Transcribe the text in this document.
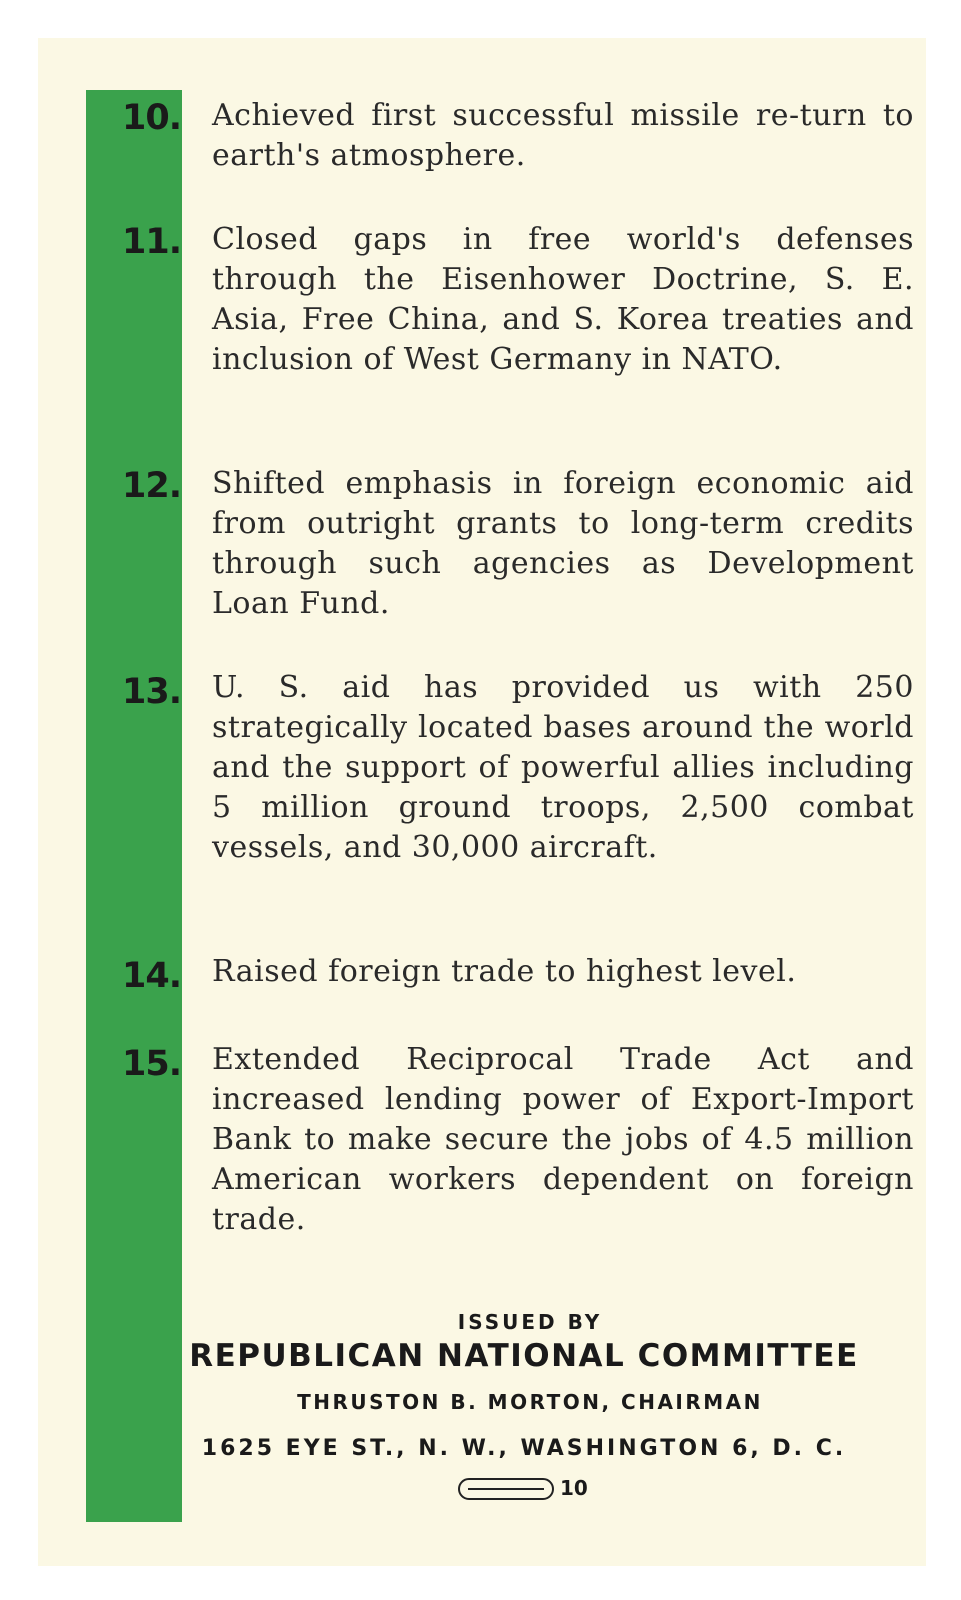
10.	Achieved first successful missile re-turn to earth's atmosphere.
11.	Closed gaps in free world's defenses through the Eisenhower Doctrine, S. E. Asia, Free China, and S. Korea treaties and inclusion of West Germany in NATO.
12.	Shifted emphasis in foreign economic aid from outright grants to long-term credits through such agencies as Development Loan Fund.
13.	U. S. aid has provided us with 250 strategically located bases around the world and the support of powerful allies including 5 million ground troops, 2,500 combat vessels, and 30,000 aircraft.
14.	Raised foreign trade to highest level.
15.	Extended Reciprocal Trade Act and increased lending power of Export-Import Bank to make secure the jobs of 4.5 million American workers dependent on foreign trade.
ISSUED BY
REPUBLICAN NATIONAL COMMITTEE
THRUSTON B. MORTON, CHAIRMAN
1625 EYE ST., N. W., WASHINGTON 6, D. C.
10
